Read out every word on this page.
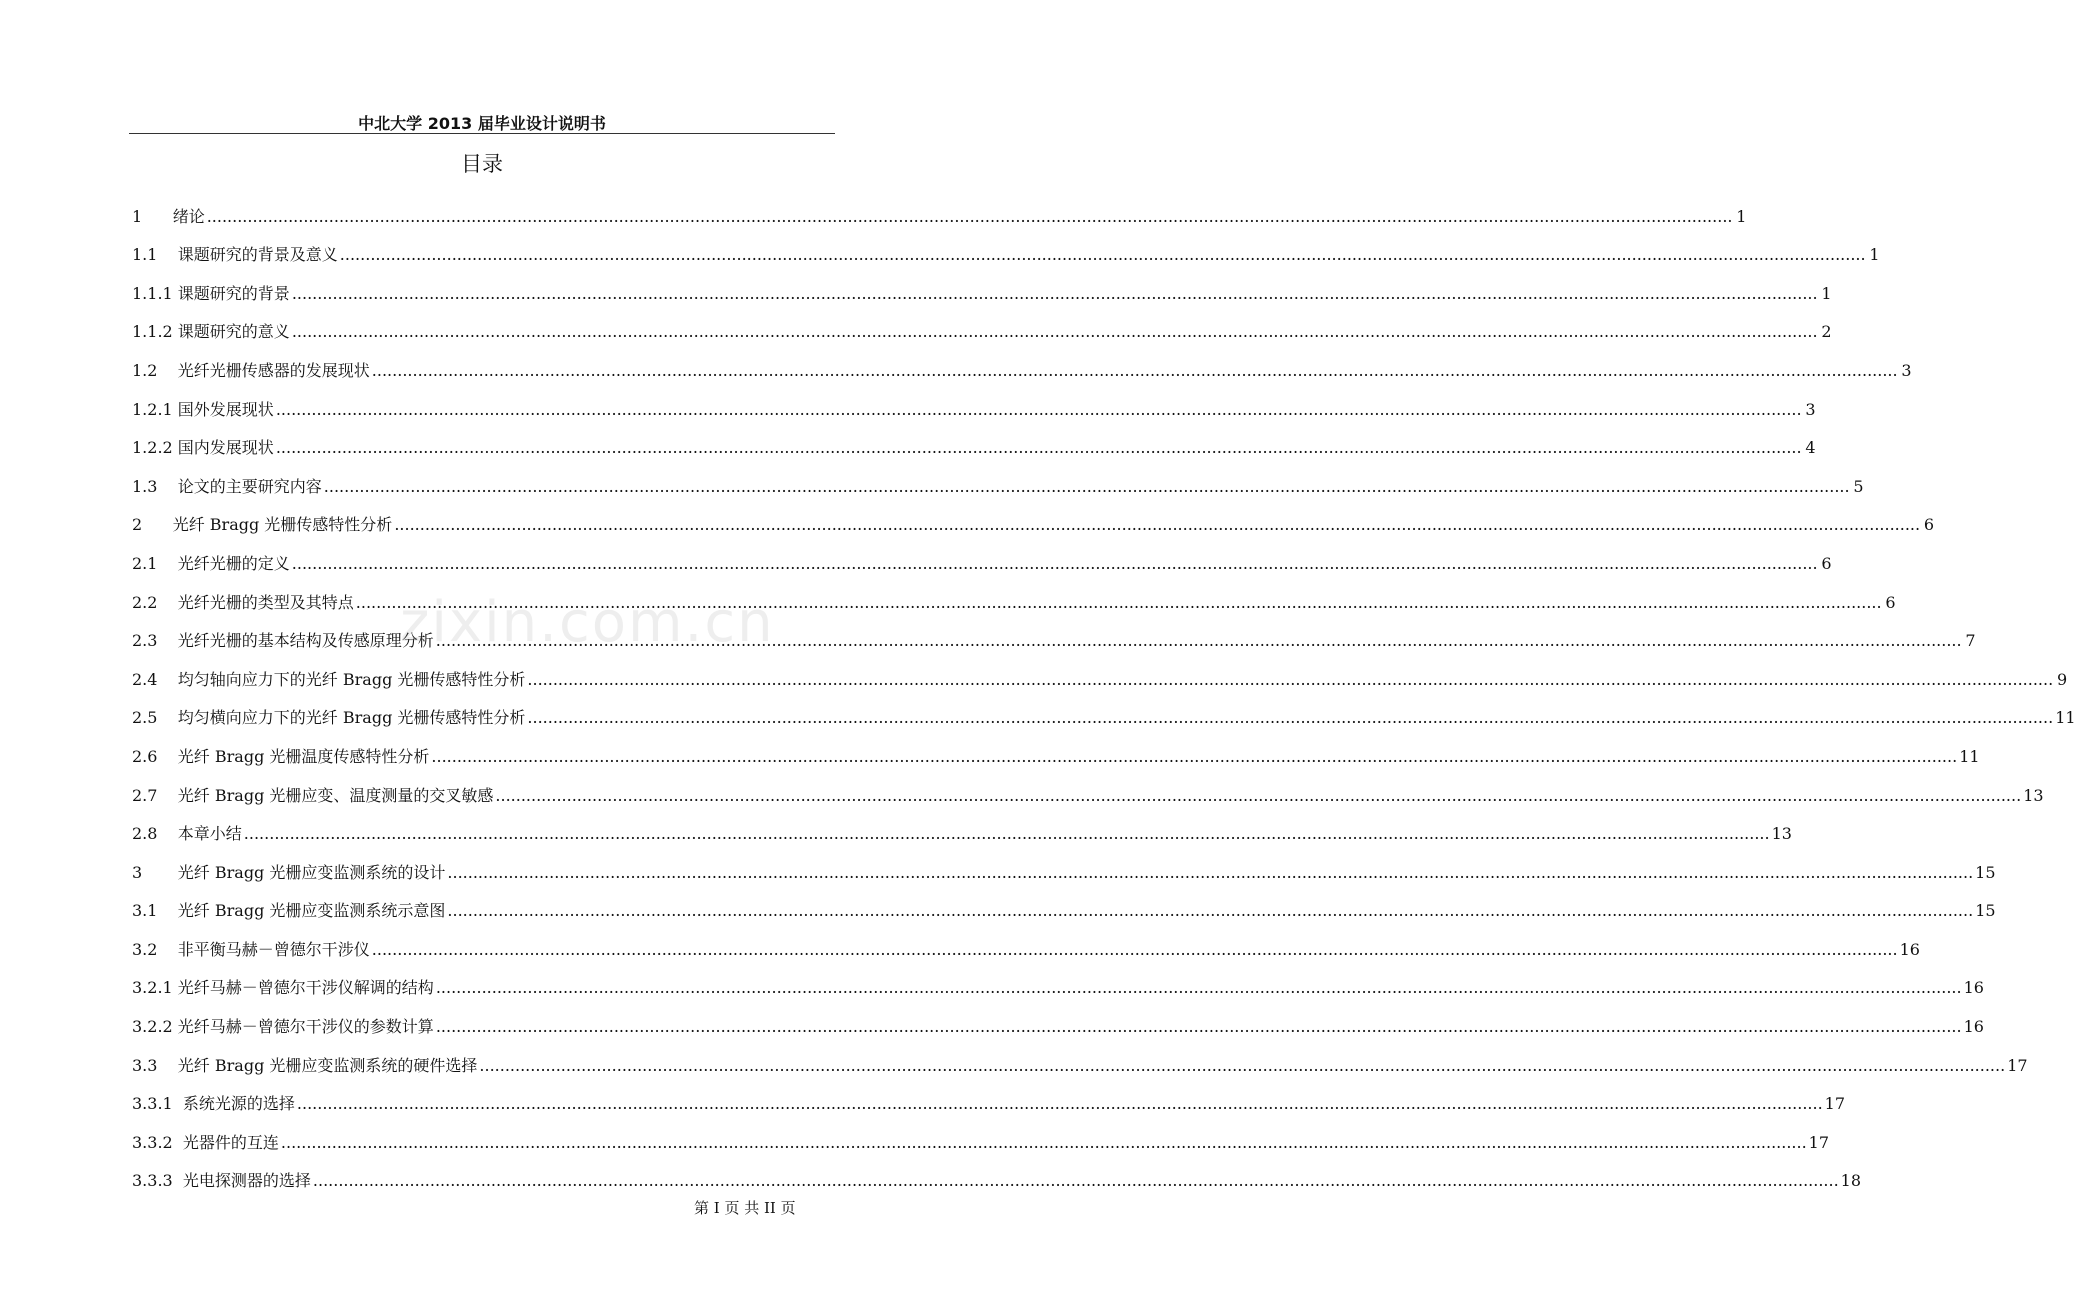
中北大学 2013 届毕业设计说明书
目录
1      绪论 ............................................................................................................................................................................................................................................................................................................ 1
1.1    课题研究的背景及意义 ............................................................................................................................................................................................................................................................................................................ 1
1.1.1 课题研究的背景 ............................................................................................................................................................................................................................................................................................................ 1
1.1.2 课题研究的意义 ............................................................................................................................................................................................................................................................................................................ 2
1.2    光纤光栅传感器的发展现状 ............................................................................................................................................................................................................................................................................................................ 3
1.2.1 国外发展现状 ............................................................................................................................................................................................................................................................................................................ 3
1.2.2 国内发展现状 ............................................................................................................................................................................................................................................................................................................ 4
1.3    论文的主要研究内容 ............................................................................................................................................................................................................................................................................................................ 5
2      光纤 Bragg 光栅传感特性分析 ............................................................................................................................................................................................................................................................................................................ 6
2.1    光纤光栅的定义 ............................................................................................................................................................................................................................................................................................................ 6
2.2    光纤光栅的类型及其特点 ............................................................................................................................................................................................................................................................................................................ 6
2.3    光纤光栅的基本结构及传感原理分析 ............................................................................................................................................................................................................................................................................................................ 7
2.4    均匀轴向应力下的光纤 Bragg 光栅传感特性分析 ............................................................................................................................................................................................................................................................................................................ 9
2.5    均匀横向应力下的光纤 Bragg 光栅传感特性分析 ............................................................................................................................................................................................................................................................................................................ 11
2.6    光纤 Bragg 光栅温度传感特性分析 ............................................................................................................................................................................................................................................................................................................ 11
2.7    光纤 Bragg 光栅应变、温度测量的交叉敏感 ............................................................................................................................................................................................................................................................................................................ 13
2.8    本章小结 ............................................................................................................................................................................................................................................................................................................ 13
3       光纤 Bragg 光栅应变监测系统的设计 ............................................................................................................................................................................................................................................................................................................ 15
3.1    光纤 Bragg 光栅应变监测系统示意图 ............................................................................................................................................................................................................................................................................................................ 15
3.2    非平衡马赫－曾德尔干涉仪 ............................................................................................................................................................................................................................................................................................................ 16
3.2.1 光纤马赫－曾德尔干涉仪解调的结构 ............................................................................................................................................................................................................................................................................................................ 16
3.2.2 光纤马赫－曾德尔干涉仪的参数计算 ............................................................................................................................................................................................................................................................................................................ 16
3.3    光纤 Bragg 光栅应变监测系统的硬件选择 ............................................................................................................................................................................................................................................................................................................ 17
3.3.1  系统光源的选择 ............................................................................................................................................................................................................................................................................................................ 17
3.3.2  光器件的互连 ............................................................................................................................................................................................................................................................................................................ 17
3.3.3  光电探测器的选择 ............................................................................................................................................................................................................................................................................................................ 18
zixin.com.cn
第 I 页 共 II 页
